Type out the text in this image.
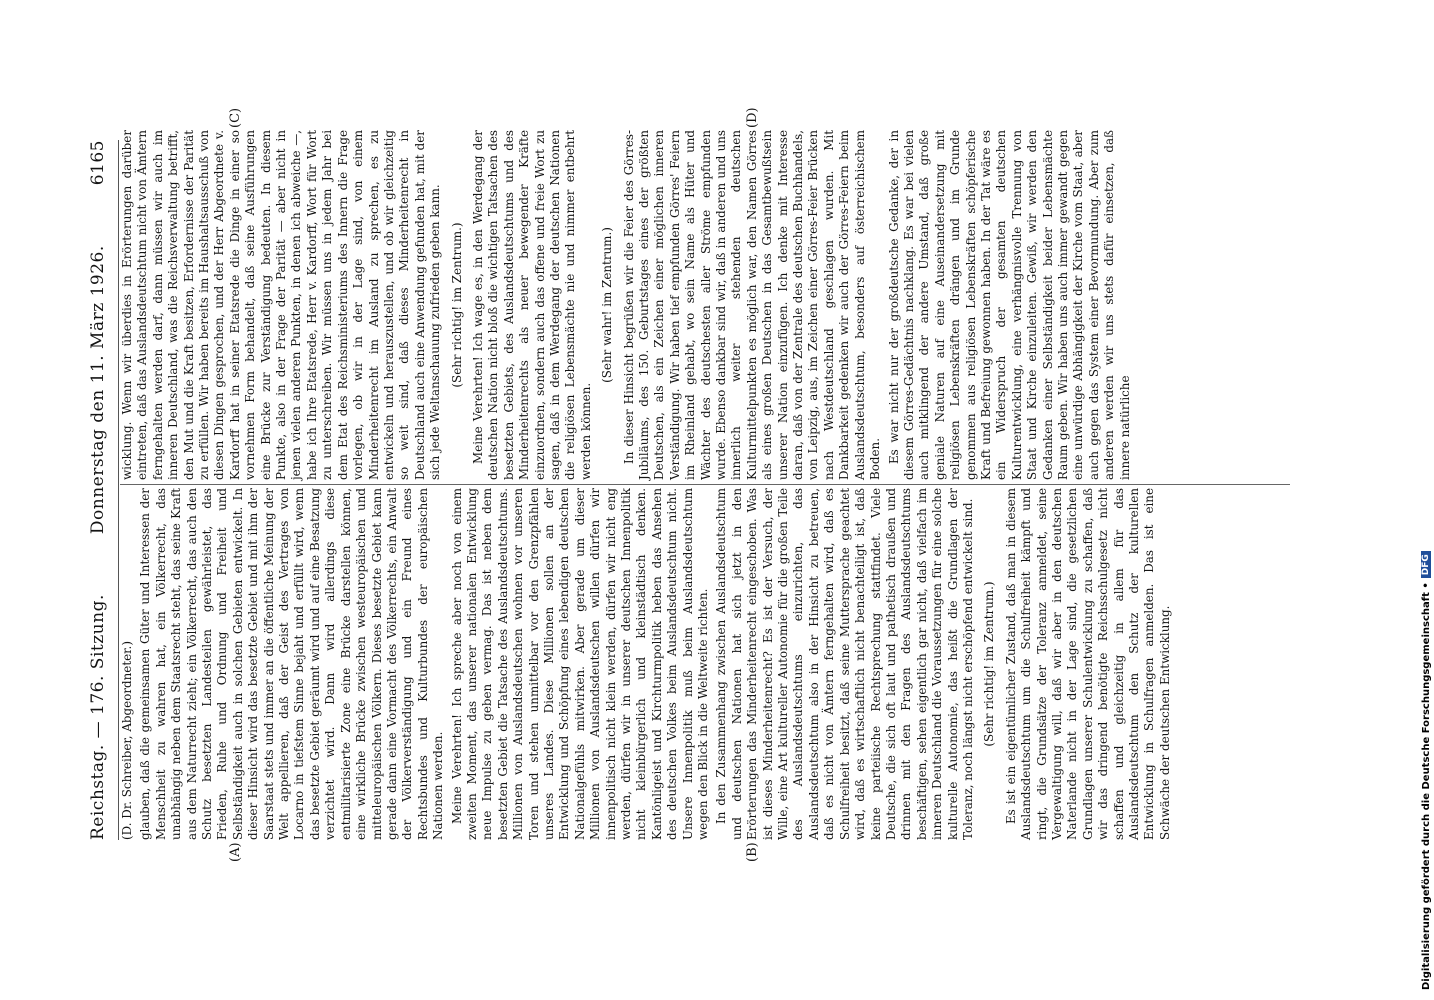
Reichstag. — 176. Sitzung.
Donnerstag den 11. März 1926.
6165
(A)	(B)
(C)	(D)

(D. Dr. Schreiber, Abgeordneter.) glauben, daß die gemeinsamen Güter und Interessen der Menschheit zu wahren hat, ein Völkerrecht, das unabhängig neben dem Staatsrecht steht, das seine Kraft aus dem Naturrecht zieht; ein Völkerrecht, das auch den Schutz besetzten Landesteilen gewährleistet, das Frieden, Ruhe und Ordnung und Freiheit und Selbständigkeit auch in solchen Gebieten entwickelt. In dieser Hinsicht wird das besetzte Gebiet und mit ihm der Saarstaat stets und immer an die öffentliche Meinung der Welt appellieren, daß der Geist des Vertrages von Locarno in tiefstem Sinne bejaht und erfüllt wird, wenn das besetzte Gebiet geräumt wird und auf eine Besatzung verzichtet wird. Dann wird allerdings diese entmilitarisierte Zone eine Brücke darstellen können, eine wirkliche Brücke zwischen westeuropäischen und mitteleuropäischen Völkern. Dieses besetzte Gebiet kann gerade dann eine Vormacht des Völkerrechts, ein Anwalt der Völkerverständigung und ein Freund eines Rechtsbundes und Kulturbundes der europäischen Nationen werden. Meine Verehrten! Ich spreche aber noch von einem zweiten Moment, das unserer nationalen Entwicklung neue Impulse zu geben vermag. Das ist neben dem besetzten Gebiet die Tatsache des Auslandsdeutschtums. Millionen von Auslandsdeutschen wohnen vor unseren Toren und stehen unmittelbar vor den Grenzpfählen unseres Landes. Diese Millionen sollen an der Entwicklung und Schöpfung eines lebendigen deutschen Nationalgefühls mitwirken. Aber gerade um dieser Millionen von Auslandsdeutschen willen dürfen wir innenpolitisch nicht klein werden, dürfen wir nicht eng werden, dürfen wir in unserer deutschen Innenpolitik nicht kleinbürgerlich und kleinstädtisch denken. Kantönligeist und Kirchturmpolitik heben das Ansehen des deutschen Volkes beim Auslandsdeutschtum nicht. Unsere Innenpolitik muß beim Auslandsdeutschtum wegen den Blick in die Weltweite richten. In den Zusammenhang zwischen Auslandsdeutschtum und deutschen Nationen hat sich jetzt in den Erörterungen das Minderheitenrecht eingeschoben. Was ist dieses Minderheitenrecht? Es ist der Versuch, der Wille, eine Art kultureller Autonomie für die großen Teile des Auslandsdeutschtums einzurichten, das Auslandsdeutschtum also in der Hinsicht zu betreuen, daß es nicht von Ämtern ferngehalten wird, daß es Schulfreiheit besitzt, daß seine Muttersprache geachtet wird, daß es wirtschaftlich nicht benachteiligt ist, daß keine parteiische Rechtsprechung stattfindet. Viele Deutsche, die sich oft laut und pathetisch draußen und drinnen mit den Fragen des Auslandsdeutschtums beschäftigen, sehen eigentlich gar nicht, daß vielfach im inneren Deutschland die Voraussetzungen für eine solche kulturelle Autonomie, das heißt die Grundlagen der Toleranz, noch längst nicht erschöpfend entwickelt sind. (Sehr richtig! im Zentrum.) Es ist ein eigentümlicher Zustand, daß man in diesem Auslandsdeutschtum um die Schulfreiheit kämpft und ringt, die Grundsätze der Toleranz anmeldet, seine Vergewaltigung will, daß wir aber in den deutschen Naterlande nicht in der Lage sind, die gesetzlichen Grundlagen unserer Schulentwicklung zu schaffen, daß wir das dringend benötigte Reichsschulgesetz nicht schaffen und gleichzeitig in allem für das Auslandsdeutschtum den Schutz der kulturellen Entwicklung in Schulfragen anmelden. Das ist eine Schwäche der deutschen Entwicklung.

wicklung. Wenn wir überdies in Erörterungen darüber eintreten, daß das Auslandsdeutschtum nicht von Ämtern ferngehalten werden darf, dann müssen wir auch im inneren Deutschland, was die Reichsverwaltung betrifft, den Mut und die Kraft besitzen, Erfordernisse der Parität zu erfüllen. Wir haben bereits im Haushaltsausschuß von diesen Dingen gesprochen, und der Herr Abgeordnete v. Kardorff hat in seiner Etatsrede die Dinge in einer so vornehmen Form behandelt, daß seine Ausführungen eine Brücke zur Verständigung bedeuten. In diesem Punkte, also in der Frage der Parität — aber nicht in jenen vielen anderen Punkten, in denen ich abweiche —, habe ich Ihre Etatsrede, Herr v. Kardorff, Wort für Wort zu unterschreiben. Wir müssen uns in jedem Jahr bei dem Etat des Reichsministeriums des Innern die Frage vorlegen, ob wir in der Lage sind, von einem Minderheitenrecht im Ausland zu sprechen, es zu entwickeln und herauszustellen, und ob wir gleichzeitig so weit sind, daß dieses Minderheitenrecht in Deutschland auch eine Anwendung gefunden hat, mit der sich jede Weltanschauung zufrieden geben kann. (Sehr richtig! im Zentrum.) Meine Verehrten! Ich wage es, in den Werdegang der deutschen Nation nicht bloß die wichtigen Tatsachen des besetzten Gebiets, des Auslandsdeutschtums und des Minderheitenrechts als neuer bewegender Kräfte einzuordnen, sondern auch das offene und freie Wort zu sagen, daß in dem Werdegang der deutschen Nationen die religiösen Lebensmächte nie und nimmer entbehrt werden können.

(Sehr wahr! im Zentrum.) In dieser Hinsicht begrüßen wir die Feier des Görres-Jubiläums, des 150. Geburtstages eines der größten Deutschen, als ein Zeichen einer möglichen inneren Verständigung. Wir haben tief empfunden Görres' Feiern im Rheinland gehabt, wo sein Name als Hüter und Wächter des deutschesten aller Ströme empfunden wurde. Ebenso dankbar sind wir, daß in anderen und uns innerlich weiter stehenden deutschen Kulturmittelpunkten es möglich war, den Namen Görres als eines großen Deutschen in das Gesamtbewußtsein unserer Nation einzufügen. Ich denke mit Interesse daran, daß von der Zentrale des deutschen Buchhandels, von Leipzig, aus, im Zeichen einer Görres-Feier Brücken nach Westdeutschland geschlagen wurden. Mit Dankbarkeit gedenken wir auch der Görres-Feiern beim Auslandsdeutschtum, besonders auf österreichischem Boden. Es war nicht nur der großdeutsche Gedanke, der in diesem Görres-Gedächtnis nachklang. Es war bei vielen auch mitklingend der andere Umstand, daß große geniale Naturen auf eine Auseinandersetzung mit religiösen Lebenskräften drängen und im Grunde genommen aus religiösen Lebenskräften schöpferische Kraft und Befreiung gewonnen haben. In der Tat wäre es ein Widerspruch der gesamten deutschen Kulturentwicklung, eine verhängnisvolle Trennung von Staat und Kirche einzuleiten. Gewiß, wir werden den Gedanken einer Selbständigkeit beider Lebensmächte Raum geben. Wir haben uns auch immer gewandt gegen eine unwürdige Abhängigkeit der Kirche vom Staat, aber auch gegen das System einer Bevormundung. Aber zum anderen werden wir uns stets dafür einsetzen, daß innere natürliche

Digitalisierung gefördert durch die Deutsche Forschungsgemeinschaft •
DFG
